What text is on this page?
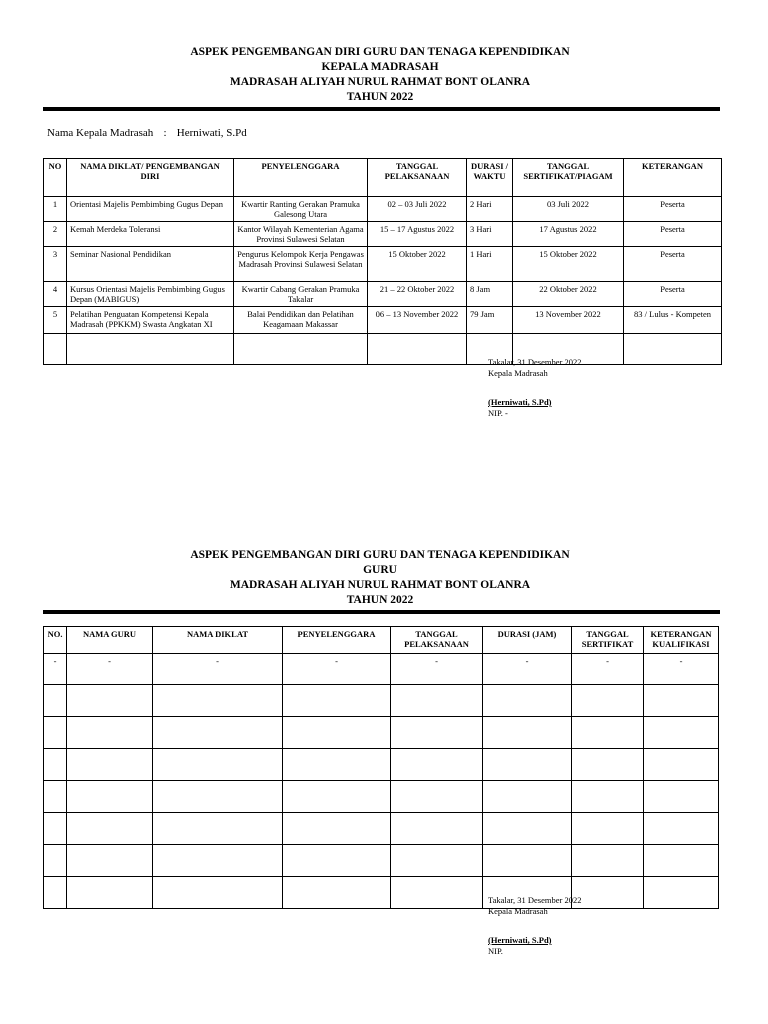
ASPEK PENGEMBANGAN DIRI GURU DAN TENAGA KEPENDIDIKAN
KEPALA MADRASAH
MADRASAH ALIYAH NURUL RAHMAT BONT OLANRA
TAHUN 2022
Nama Kepala Madrasah : Herniwati, S.Pd
NO	NAMA DIKLAT/ PENGEMBANGAN DIRI	PENYELENGGARA	TANGGAL PELAKSANAAN	DURASI / WAKTU	TANGGAL SERTIFIKAT/PIAGAM	KETERANGAN
1	Orientasi Majelis Pembimbing Gugus Depan	Kwartir Ranting Gerakan Pramuka Galesong Utara	02 – 03 Juli 2022	2 Hari	03 Juli 2022	Peserta
2	Kemah Merdeka Toleransi	Kantor Wilayah Kementerian Agama Provinsi Sulawesi Selatan	15 – 17 Agustus 2022	3 Hari	17 Agustus 2022	Peserta
3	Seminar Nasional Pendidikan	Pengurus Kelompok Kerja Pengawas Madrasah Provinsi Sulawesi Selatan	15 Oktober 2022	1 Hari	15 Oktober 2022	Peserta
4	Kursus Orientasi Majelis Pembimbing Gugus Depan (MABIGUS)	Kwartir Cabang Gerakan Pramuka Takalar	21 – 22 Oktober 2022	8 Jam	22 Oktober 2022	Peserta
5	Pelatihan Penguatan Kompetensi Kepala Madrasah (PPKKM) Swasta Angkatan XI	Balai Pendidikan dan Pelatihan Keagamaan Makassar	06 – 13 November 2022	79 Jam	13 November 2022	83 / Lulus - Kompeten

Takalar, 31 Desember 2022
Kepala Madrasah
(Herniwati, S.Pd)
NIP. -
ASPEK PENGEMBANGAN DIRI GURU DAN TENAGA KEPENDIDIKAN
GURU
MADRASAH ALIYAH NURUL RAHMAT BONT OLANRA
TAHUN 2022
NO.	NAMA GURU	NAMA DIKLAT	PENYELENGGARA	TANGGAL PELAKSANAAN	DURASI (JAM)	TANGGAL SERTIFIKAT	KETERANGAN KUALIFIKASI
-	-	-	-	-	-	-	-

Takalar, 31 Desember 2022
Kepala Madrasah
(Herniwati, S.Pd)
NIP.
